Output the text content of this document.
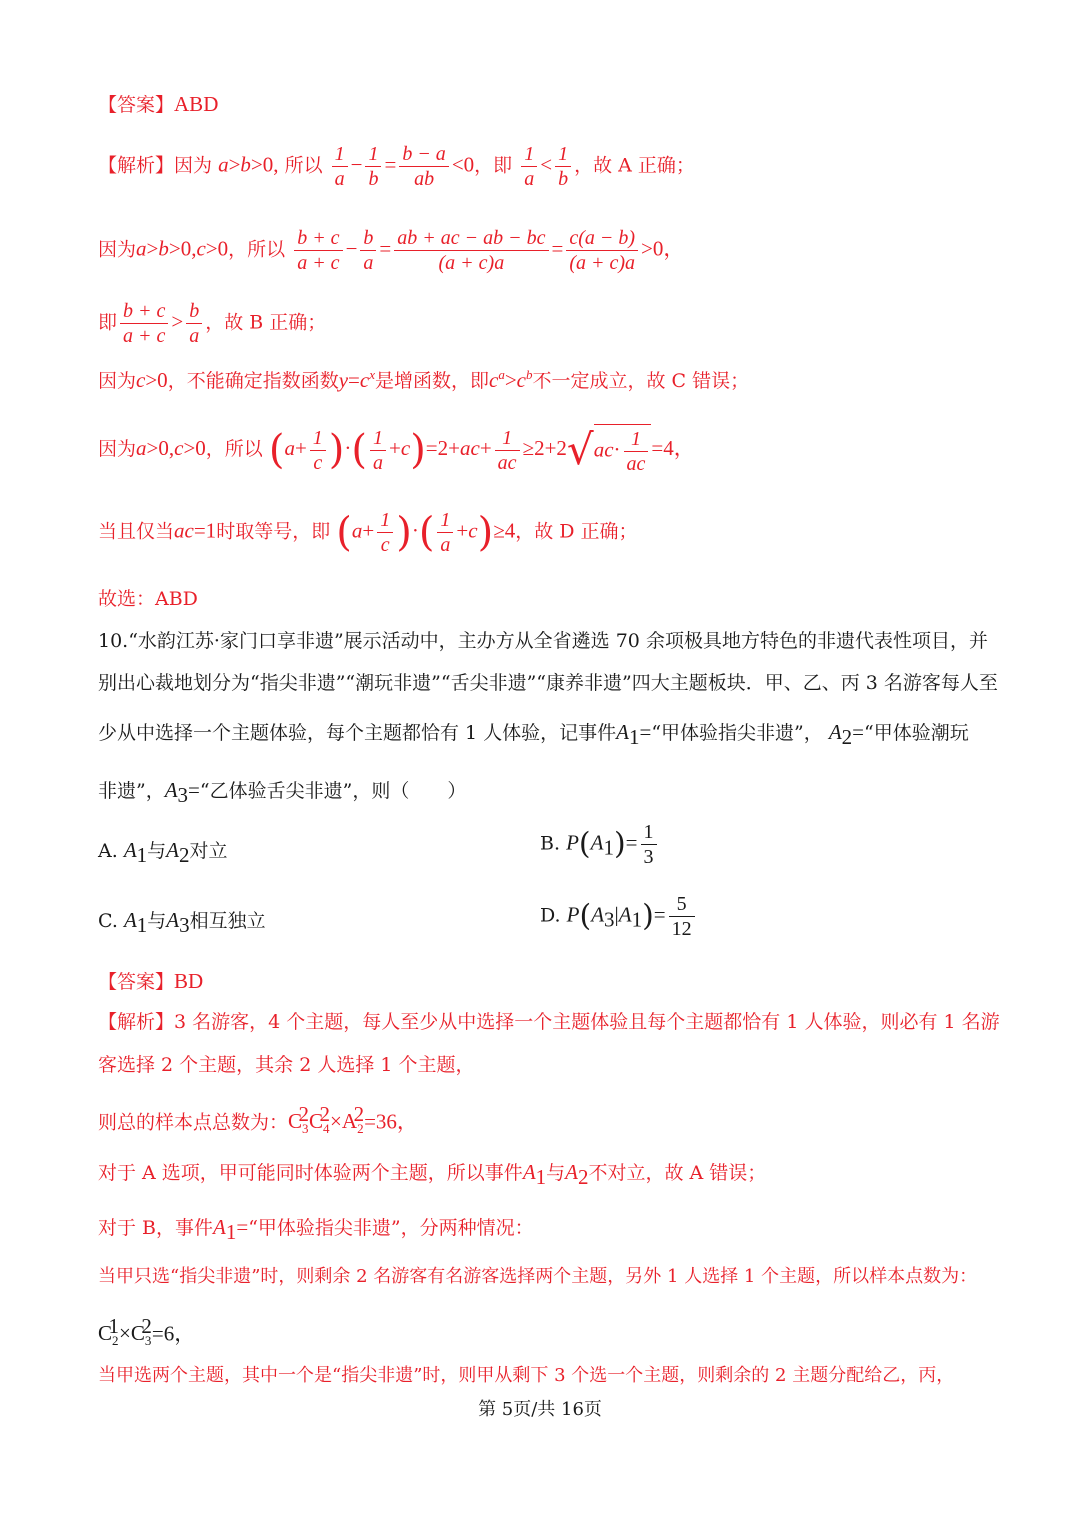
【答案】ABD
【解析】因为 a>b>0, 所以 $\frac{1}{a} - \frac{1}{b} = \frac{b - a}{ab} <0$，即 $\frac{1}{a} < \frac{1}{b}$ ，故 A 正确；
因为a>b>0,c>0，所以 $\frac{b + c}{a + c} - \frac{b}{a} = \frac{ab + ac - ab - bc}{(a + c)a} = \frac{c(a - b)}{(a + c)a} >0$，
即 $\frac{b + c}{a + c} > \frac{b}{a}$ ，故 B 正确；
因为c>0，不能确定指数函数$y=c^x$是增函数，即$c^a>c^b$不一定成立，故 C 错误；
因为a>0,c>0，所以 ($a+ \frac{1}{c}$ )·( $\frac{1}{a} +c)=2+ac+ \frac{1}{ac} \ge 2+2√ac\cdot \frac{1}{ac} =4$，
当且仅当ac=1时取等号，即 ($a+ \frac{1}{c}$ )·( $\frac{1}{a} +c)\ge 4$，故 D 正确；
故选：ABD
10.“水韵江苏·家门口享非遗”展示活动中，主办方从全省遴选 70 余项极具地方特色的非遗代表性项目，并
别出心裁地划分为“指尖非遗”“潮玩非遗”“舌尖非遗”“康养非遗”四大主题板块．甲、乙、丙 3 名游客每人至
少从中选择一个主题体验，每个主题都恰有 1 人体验，记事件$A_1=“$甲体验指尖非遗”， $A_2=“$甲体验潮玩
非遗”，$A_3=“$乙体验舌尖非遗”，则（　　）
A. $A_1$与$A_2$对立	B. $P(A_1)= \frac{1}{3}$
C. $A_1$与$A_3$相互独立	D. $P(A_3|A_1)= \frac{5}{12}$
【答案】BD
【解析】3 名游客，4 个主题，每人至少从中选择一个主题体验且每个主题都恰有 1 人体验，则必有 1 名游
客选择 2 个主题，其余 2 人选择 1 个主题，
则总的样本点总数为：$C_3^2C_4^2\times A_2^2=36$，
对于 A 选项，甲可能同时体验两个主题，所以事件$A_1$与$A_2$不对立，故 A 错误；
对于 B，事件$A_1=“$甲体验指尖非遗”，分两种情况：
当甲只选“指尖非遗”时，则剩余 2 名游客有名游客选择两个主题，另外 1 人选择 1 个主题，所以样本点数为：
$C_2^1\times C_3^2=6$，
当甲选两个主题，其中一个是“指尖非遗”时，则甲从剩下 3 个选一个主题，则剩余的 2 主题分配给乙，丙，
第 5页/共 16页
